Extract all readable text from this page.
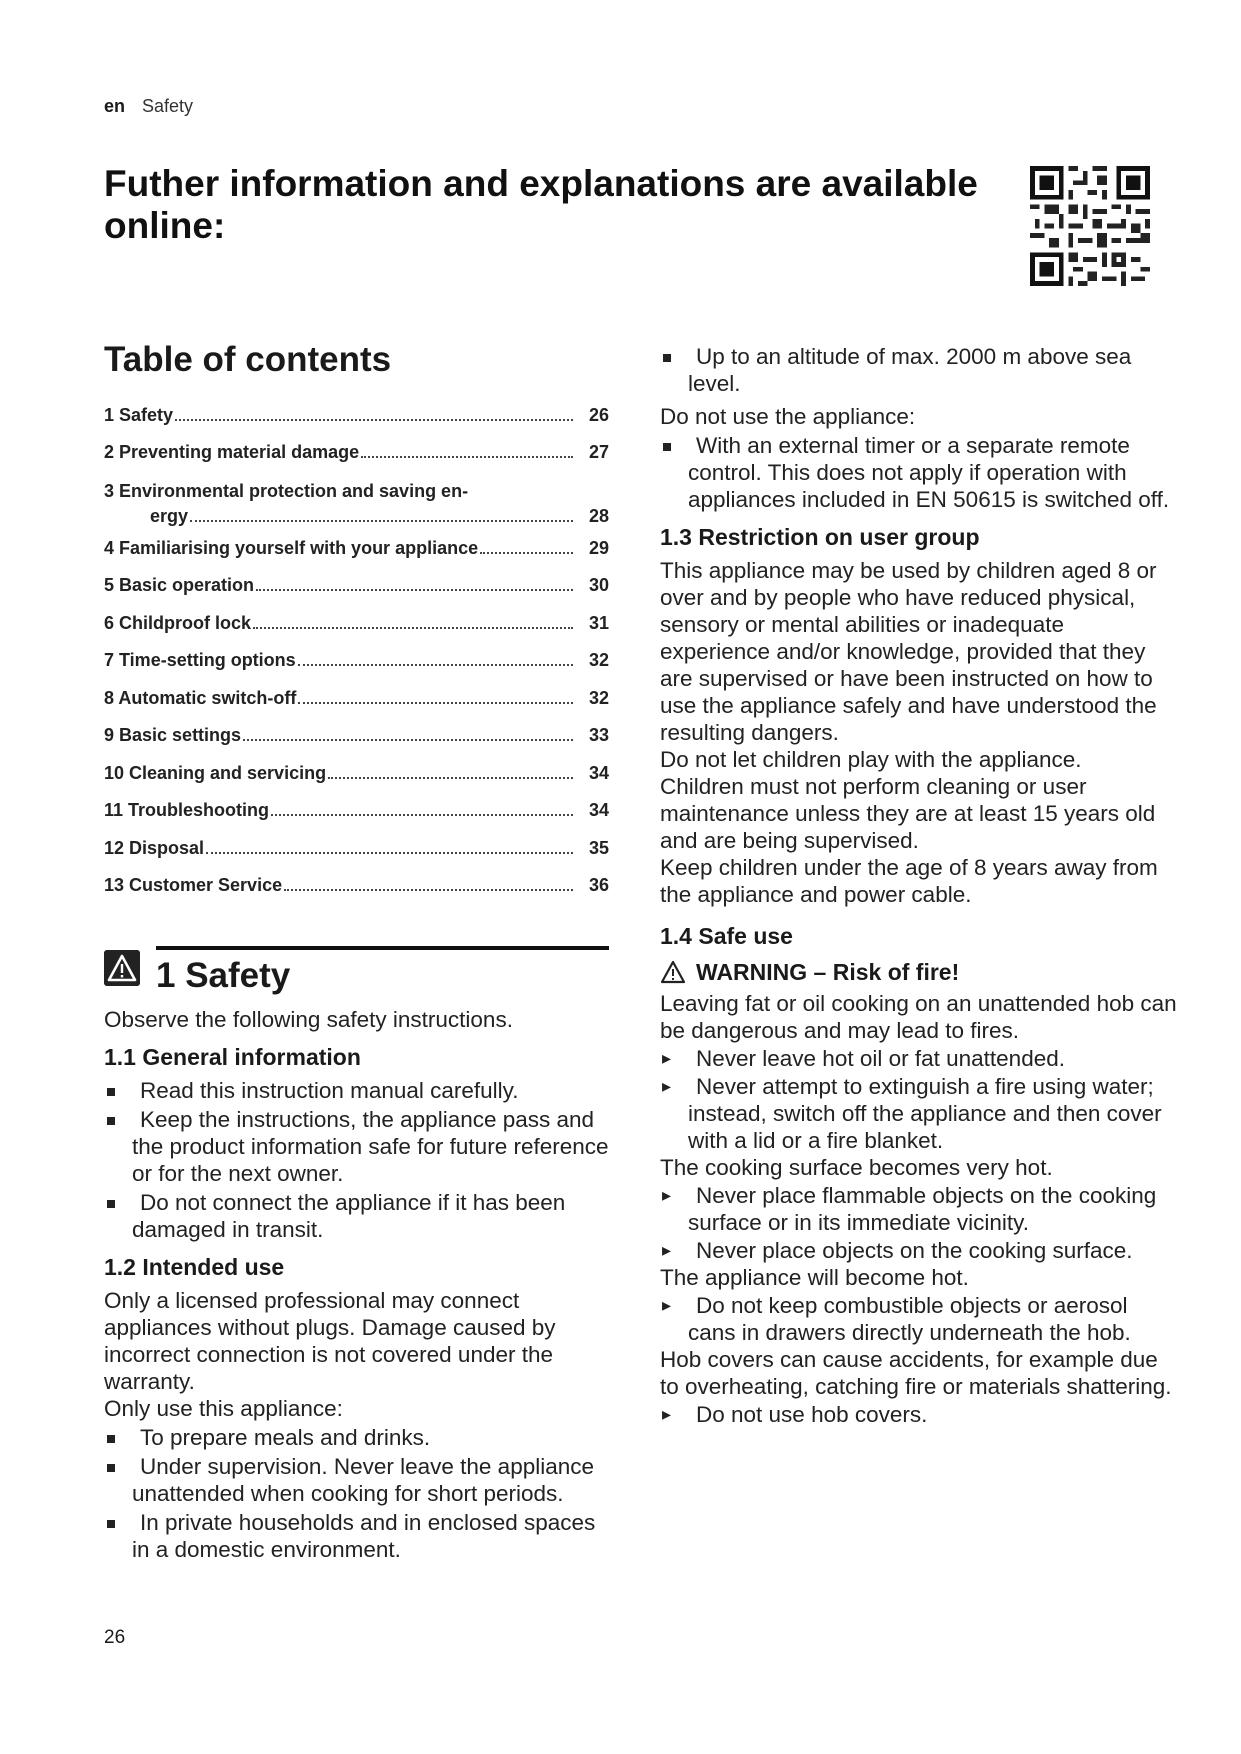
en Safety
Futher information and explanations are available online:
Table of contents
1 Safety	26
2 Preventing material damage	27
3 Environmental protection and saving en-
ergy	28
4 Familiarising yourself with your appliance	29
5 Basic operation	30
6 Childproof lock	31
7 Time-setting options	32
8 Automatic switch-off	32
9 Basic settings	33
10 Cleaning and servicing	34
11 Troubleshooting	34
12 Disposal	35
13 Customer Service	36
1 Safety

Observe the following safety instructions.

1.1 General information
Read this instruction manual carefully.
Keep the instructions, the appliance pass and the product information safe for future reference or for the next owner.
Do not connect the appliance if it has been damaged in transit.
1.2 Intended use

Only a licensed professional may connect appliances without plugs. Damage caused by incorrect connection is not covered under the warranty.

Only use this appliance:

To prepare meals and drinks.
Under supervision. Never leave the appliance unattended when cooking for short periods.
In private households and in enclosed spaces in a domestic environment.
Up to an altitude of max. 2000 m above sea level.

Do not use the appliance:

With an external timer or a separate remote control. This does not apply if operation with appliances included in EN 50615 is switched off.
1.3 Restriction on user group

This appliance may be used by children aged 8 or over and by people who have reduced physical, sensory or mental abilities or inadequate experience and/or knowledge, provided that they are supervised or have been instructed on how to use the appliance safely and have understood the resulting dangers.

Do not let children play with the appliance.

Children must not perform cleaning or user maintenance unless they are at least 15 years old and are being supervised.

Keep children under the age of 8 years away from the appliance and power cable.

1.4 Safe use
WARNING – Risk of fire!

Leaving fat or oil cooking on an unattended hob can be dangerous and may lead to fires.

▸ Never leave hot oil or fat unattended.
▸ Never attempt to extinguish a fire using water; instead, switch off the appliance and then cover with a lid or a fire blanket.

The cooking surface becomes very hot.

▸ Never place flammable objects on the cooking surface or in its immediate vicinity.
▸ Never place objects on the cooking surface.

The appliance will become hot.

▸ Do not keep combustible objects or aerosol cans in drawers directly underneath the hob.

Hob covers can cause accidents, for example due to overheating, catching fire or materials shattering.

▸ Do not use hob covers.
26
